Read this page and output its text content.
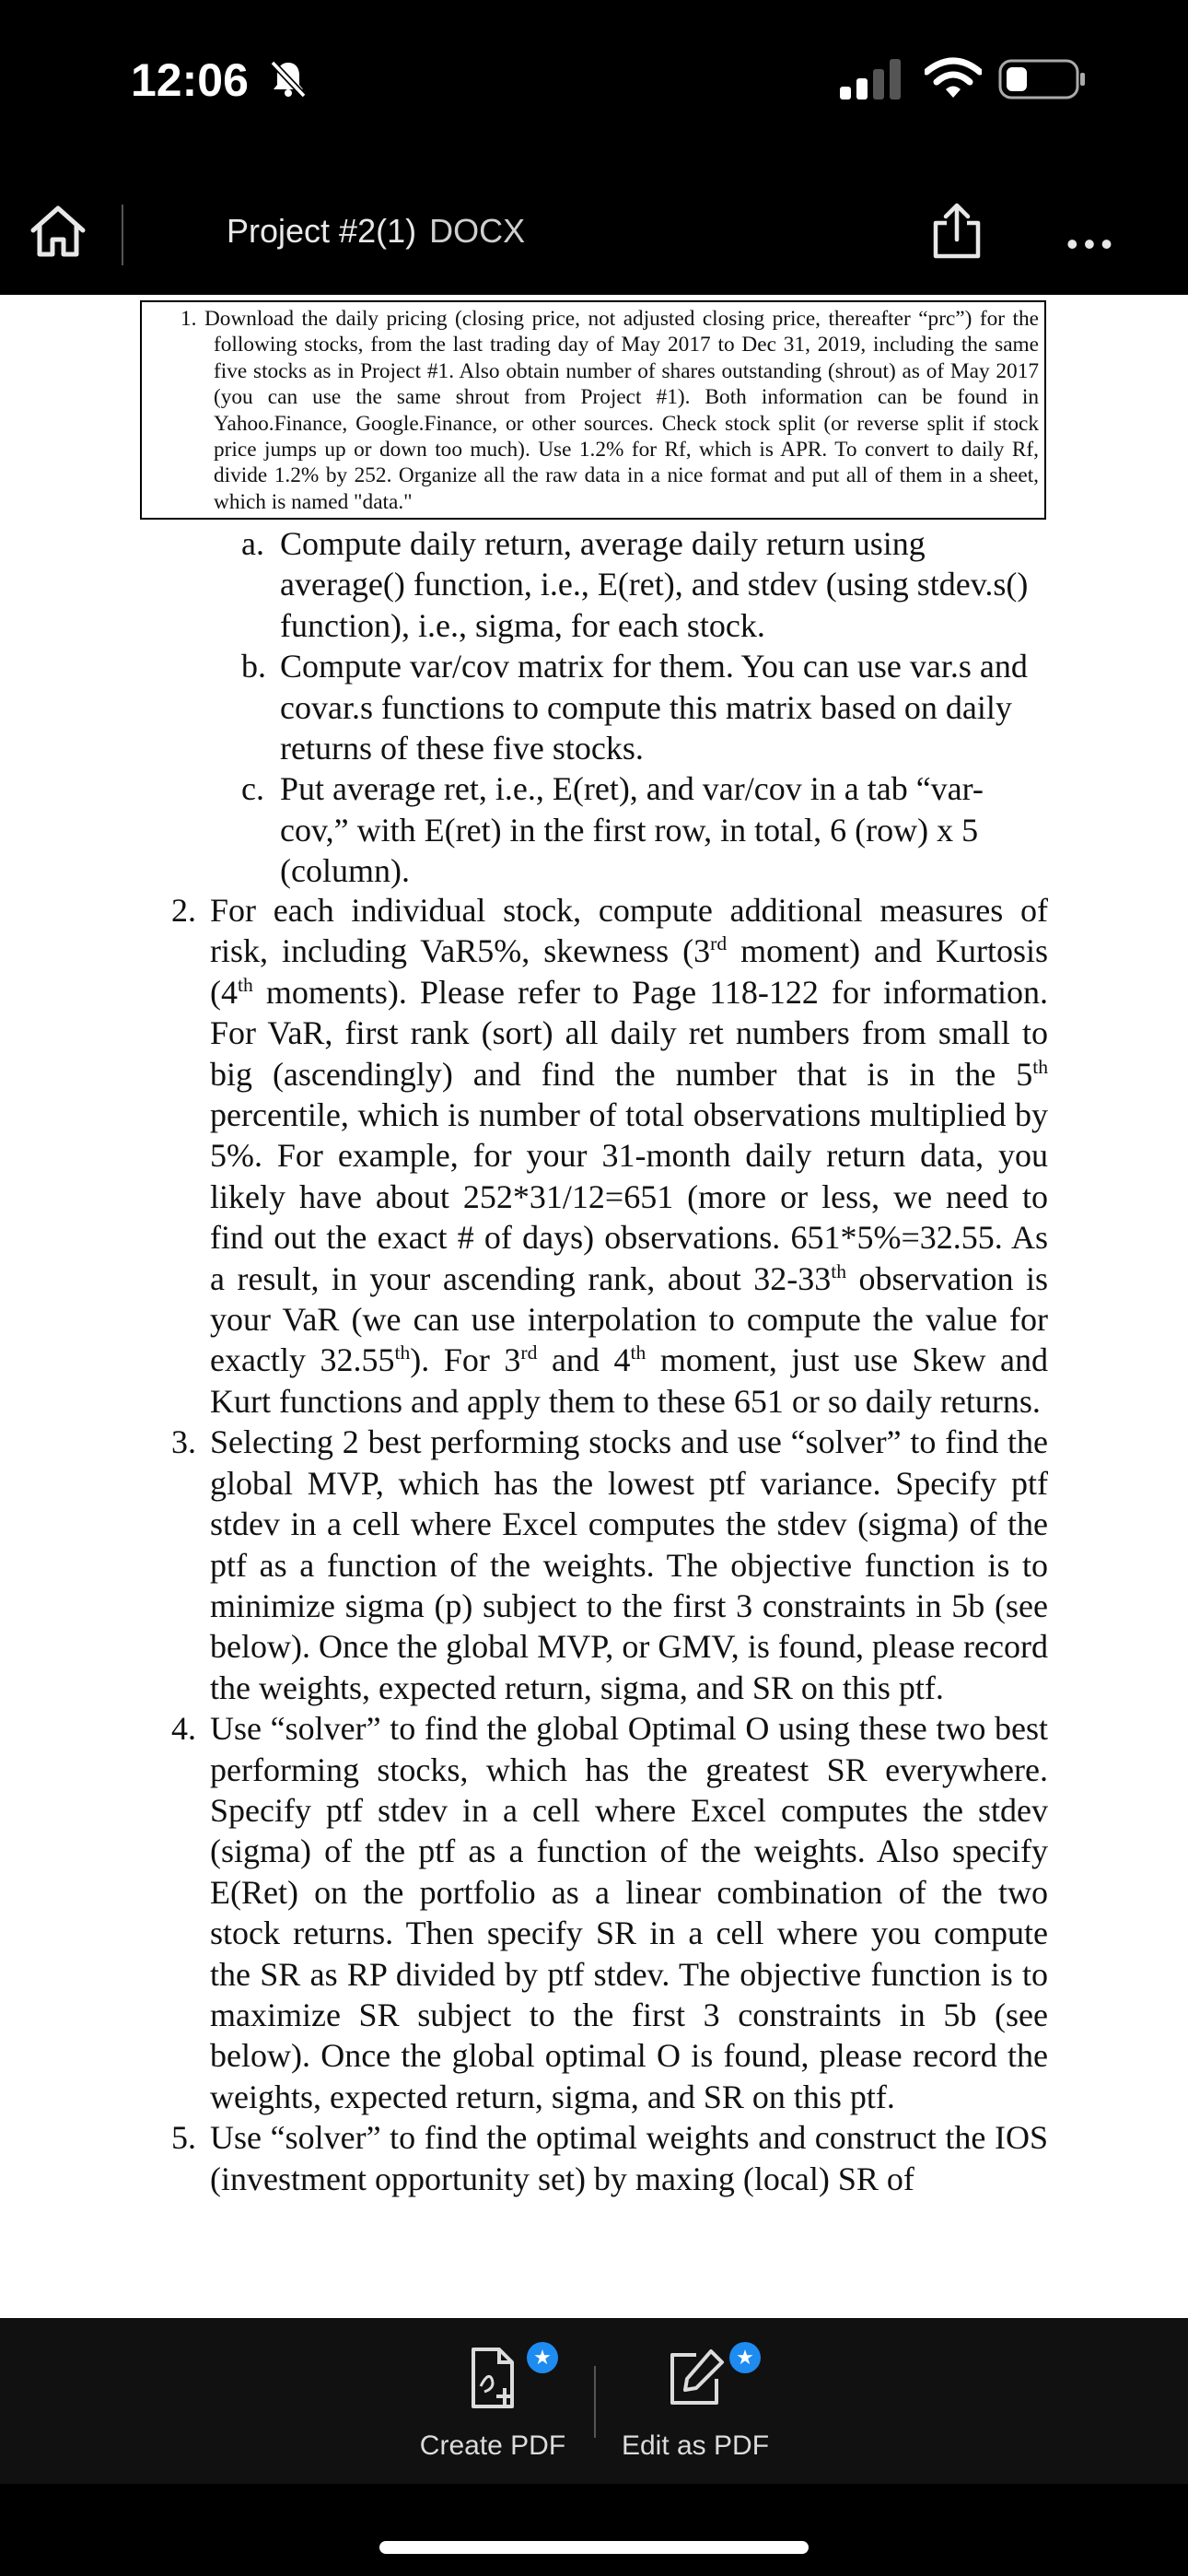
12:06
Project #2(1) DOCX	•••

1. Download the daily pricing (closing price, not adjusted closing price, thereafter “prc”) for the following stocks, from the last trading day of May 2017 to Dec 31, 2019, including the same five stocks as in Project #1. Also obtain number of shares outstanding (shrout) as of May 2017 (you can use the same shrout from Project #1). Both information can be found in Yahoo.Finance, Google.Finance, or other sources. Check stock split (or reverse split if stock price jumps up or down too much). Use 1.2% for Rf, which is APR. To convert to daily Rf, divide 1.2% by 252. Organize all the raw data in a nice format and put all of them in a sheet, which is named "data."

a. Compute daily return, average daily return using average() function, i.e., E(ret), and stdev (using stdev.s() function), i.e., sigma, for each stock.

b. Compute var/cov matrix for them. You can use var.s and covar.s functions to compute this matrix based on daily returns of these five stocks.

c. Put average ret, i.e., E(ret), and var/cov in a tab “var-cov,” with E(ret) in the first row, in total, 6 (row) x 5 (column).

2. For each individual stock, compute additional measures of risk, including VaR5%, skewness (3rd moment) and Kurtosis (4th moments). Please refer to Page 118-122 for information. For VaR, first rank (sort) all daily ret numbers from small to big (ascendingly) and find the number that is in the 5th percentile, which is number of total observations multiplied by 5%. For example, for your 31-month daily return data, you likely have about 252*31/12=651 (more or less, we need to find out the exact # of days) observations. 651*5%=32.55. As a result, in your ascending rank, about 32-33th observation is your VaR (we can use interpolation to compute the value for exactly 32.55th). For 3rd and 4th moment, just use Skew and Kurt functions and apply them to these 651 or so daily returns.

3. Selecting 2 best performing stocks and use “solver” to find the global MVP, which has the lowest ptf variance. Specify ptf stdev in a cell where Excel computes the stdev (sigma) of the ptf as a function of the weights. The objective function is to minimize sigma (p) subject to the first 3 constraints in 5b (see below). Once the global MVP, or GMV, is found, please record the weights, expected return, sigma, and SR on this ptf.

4. Use “solver” to find the global Optimal O using these two best performing stocks, which has the greatest SR everywhere. Specify ptf stdev in a cell where Excel computes the stdev (sigma) of the ptf as a function of the weights. Also specify E(Ret) on the portfolio as a linear combination of the two stock returns. Then specify SR in a cell where you compute the SR as RP divided by ptf stdev. The objective function is to maximize SR subject to the first 3 constraints in 5b (see below). Once the global optimal O is found, please record the weights, expected return, sigma, and SR on this ptf.

5. Use “solver” to find the optimal weights and construct the IOS (investment opportunity set) by maxing (local) SR of

★
Create PDF
★
Edit as PDF
